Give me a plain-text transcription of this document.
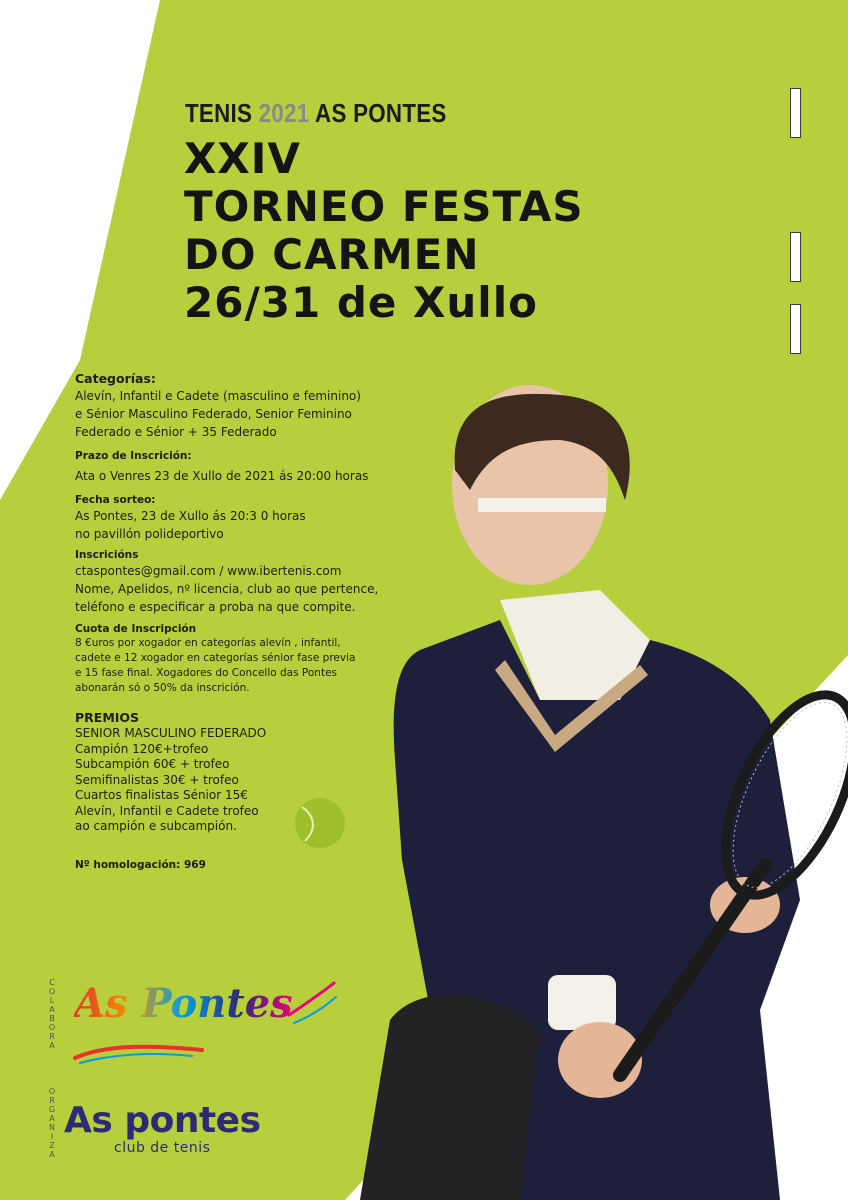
TENIS 2021 AS PONTES
XXIV
TORNEO FESTAS
DO CARMEN
26/31 de Xullo
Categorías:
Alevín, Infantil e Cadete (masculino e feminino)
e Sénior Masculino Federado, Senior Feminino
Federado e Sénior + 35 Federado
Prazo de Inscrición:
Ata o Venres 23 de Xullo de 2021 ás 20:00 horas
Fecha sorteo:
As Pontes, 23 de Xullo ás 20:3 0 horas
no pavillón polideportivo
Inscricións
ctaspontes@gmail.com / www.ibertenis.com
Nome, Apelidos, nº licencia, club ao que pertence,
teléfono e especificar a proba na que compite.
Cuota de Inscripción
8 €uros por xogador en categorías alevín , infantil,
cadete e 12 xogador en categorías sénior fase previa
e 15 fase final. Xogadores do Concello das Pontes
abonarán só o 50% da inscrición.
PREMIOS
SENIOR MASCULINO FEDERADO
Campión 120€+trofeo
Subcampión 60€ + trofeo
Semifinalistas 30€ + trofeo
Cuartos finalistas Sénior 15€
Alevín, Infantil e Cadete trofeo
ao campión e subcampión.
Nº homologación: 969
C
O
L
A
B
O
R
A
O
R
G
A
N
I
Z
A
As Pontes
As pontes
club de tenis
